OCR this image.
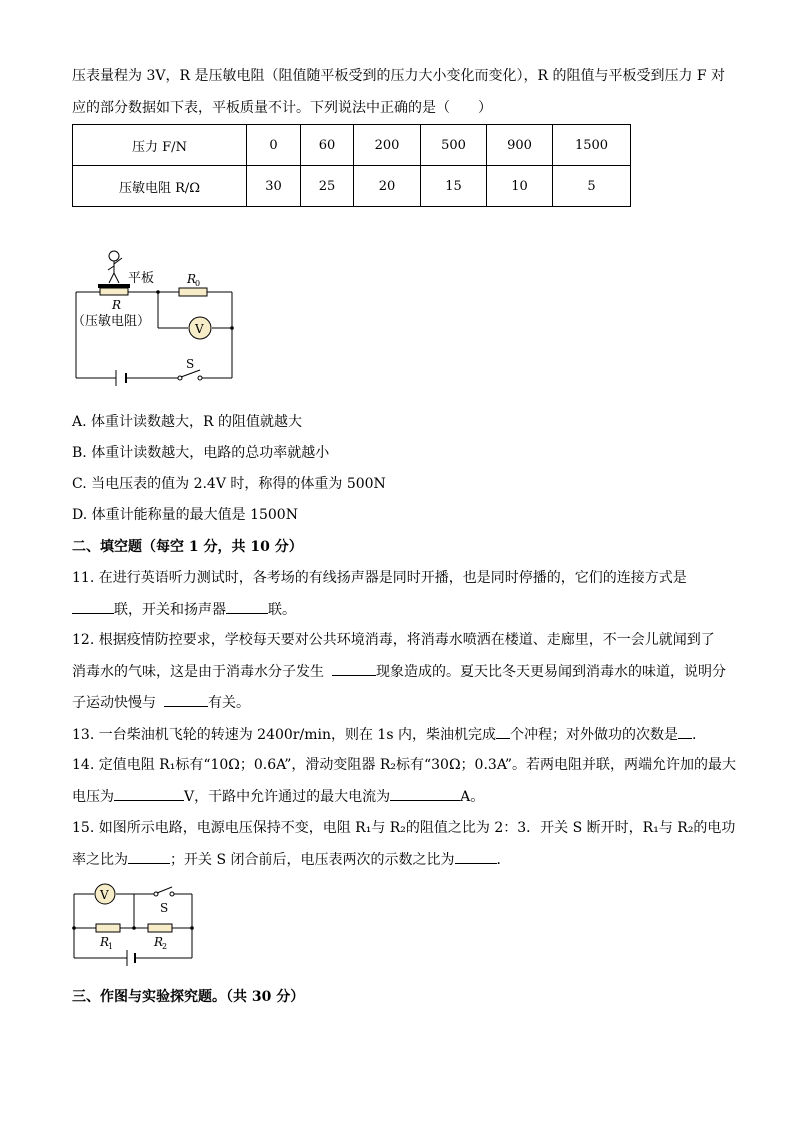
压表量程为 3V，R 是压敏电阻（阻值随平板受到的压力大小变化而变化），R 的阻值与平板受到压力 F 对
应的部分数据如下表，平板质量不计。下列说法中正确的是（　　）
压力 F/N	0	60	200	500	900	1500
压敏电阻 R/Ω	30	25	20	15	10	5
平板
R
（压敏电阻）
R
0
V
S
A. 体重计读数越大，R 的阻值就越大
B. 体重计读数越大，电路的总功率就越小
C. 当电压表的值为 2.4V 时，称得的体重为 500N
D. 体重计能称量的最大值是 1500N
二、填空题（每空 1 分，共 10 分）
11. 在进行英语听力测试时，各考场的有线扬声器是同时开播，也是同时停播的，它们的连接方式是
联，开关和扬声器	联。
12. 根据疫情防控要求，学校每天要对公共环境消毒，将消毒水喷洒在楼道、走廊里，不一会儿就闻到了
消毒水的气味，这是由于消毒水分子发生	现象造成的。夏天比冬天更易闻到消毒水的味道，说明分
子运动快慢与	有关。
13. 一台柴油机飞轮的转速为 2400r/min，则在 1s 内，柴油机完成 个冲程；对外做功的次数是 .
14. 定值电阻 R₁标有“10Ω；0.6A”，滑动变阻器 R₂标有“30Ω；0.3A”。若两电阻并联，两端允许加的最大
电压为	V，干路中允许通过的最大电流为	A。
15. 如图所示电路，电源电压保持不变，电阻 R₁与 R₂的阻值之比为 2：3．开关 S 断开时，R₁与 R₂的电功
率之比为	；开关 S 闭合前后，电压表两次的示数之比为	．
V
S
R
1	R
2
三、作图与实验探究题。（共 30 分）
